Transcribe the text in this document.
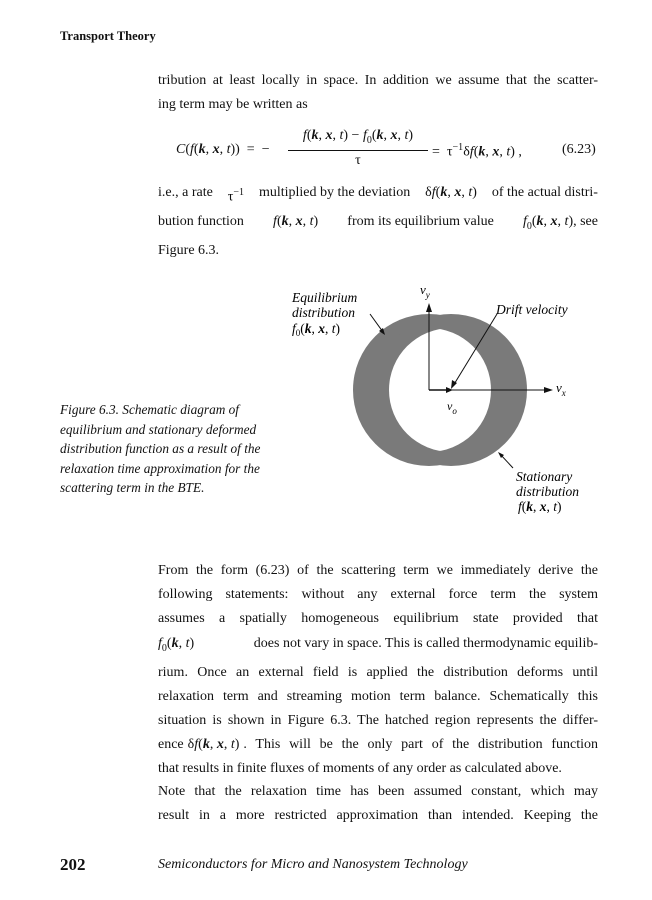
Transport Theory
tribution at least locally in space. In addition we assume that the scatter-
ing term may be written as
C(f(k, x, t))  =  −
f(k, x, $t) - f_0(k$, x, t)
τ
=  $\tau^{-1}\delta f(k$, x, t) ,	(6.23)
i.e., a rate $\tau^{-1}$ multiplied by the deviation δf(k, x, t) of the actual distri-
bution function f(k, x, t) from its equilibrium value $f_0(k$, x, t), see
Figure 6.3.
$v_y$
$v_x$
$v_o$
Equilibrium
distribution
$f_0(k$, x, t)
Drift velocity
Stationary
distribution
f(k, x, t)
Figure 6.3. Schematic diagram of equilibrium and stationary deformed distribution function as a result of the relaxation time approximation for the scattering term in the BTE.
From the form (6.23) of the scattering term we immediately derive the
following statements: without any external force term the system
assumes a spatially homogeneous equilibrium state provided that
$f_0(k$, t)	does not vary in space. This is called thermodynamic equilib-
rium. Once an external field is applied the distribution deforms until
relaxation term and streaming motion term balance. Schematically this
situation is shown in Figure 6.3. The hatched region represents the differ-
ence δf(k, x, t) . This will be the only part of the distribution function
that results in finite fluxes of moments of any order as calculated above.
Note that the relaxation time has been assumed constant, which may
result in a more restricted approximation than intended. Keeping the
202	Semiconductors for Micro and Nanosystem Technology
